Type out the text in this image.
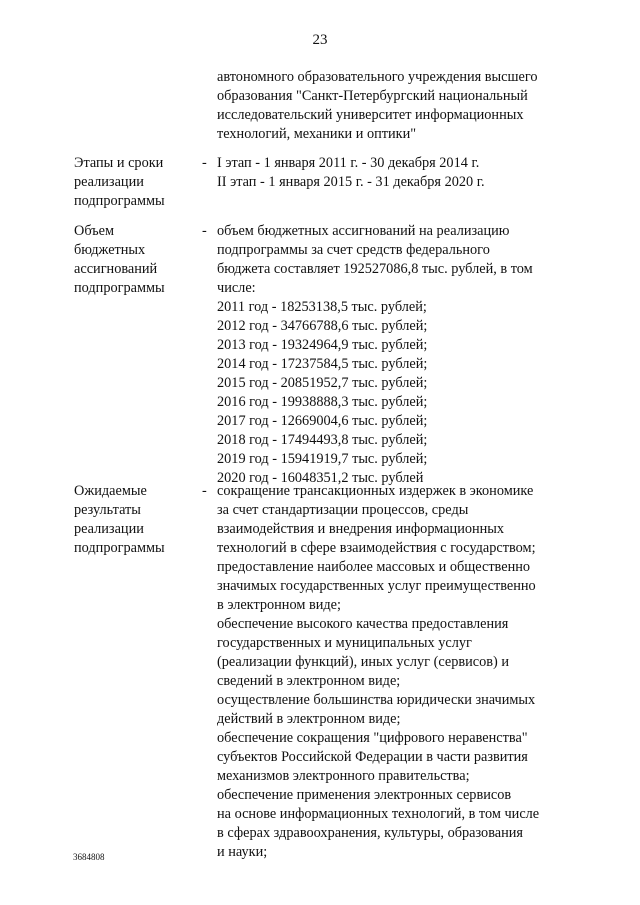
23
автономного образовательного учреждения высшего
образования "Санкт-Петербургский национальный
исследовательский университет информационных
технологий, механики и оптики"
Этапы и сроки
реализации
подпрограммы
- I этап - 1 января 2011 г. - 30 декабря 2014 г.
II этап - 1 января 2015 г. - 31 декабря 2020 г.
Объем
бюджетных
ассигнований
подпрограммы
- объем бюджетных ассигнований на реализацию
подпрограммы за счет средств федерального
бюджета составляет 192527086,8 тыс. рублей, в том
числе:
2011 год - 18253138,5 тыс. рублей;
2012 год - 34766788,6 тыс. рублей;
2013 год - 19324964,9 тыс. рублей;
2014 год - 17237584,5 тыс. рублей;
2015 год - 20851952,7 тыс. рублей;
2016 год - 19938888,3 тыс. рублей;
2017 год - 12669004,6 тыс. рублей;
2018 год - 17494493,8 тыс. рублей;
2019 год - 15941919,7 тыс. рублей;
2020 год - 16048351,2 тыс. рублей
Ожидаемые
результаты
реализации
подпрограммы
- сокращение трансакционных издержек в экономике
за счет стандартизации процессов, среды
взаимодействия и внедрения информационных
технологий в сфере взаимодействия с государством;
предоставление наиболее массовых и общественно
значимых государственных услуг преимущественно
в электронном виде;
обеспечение высокого качества предоставления
государственных и муниципальных услуг
(реализации функций), иных услуг (сервисов) и
сведений в электронном виде;
осуществление большинства юридически значимых
действий в электронном виде;
обеспечение сокращения "цифрового неравенства"
субъектов Российской Федерации в части развития
механизмов электронного правительства;
обеспечение применения электронных сервисов
на основе информационных технологий, в том числе
в сферах здравоохранения, культуры, образования
и науки;
3684808
